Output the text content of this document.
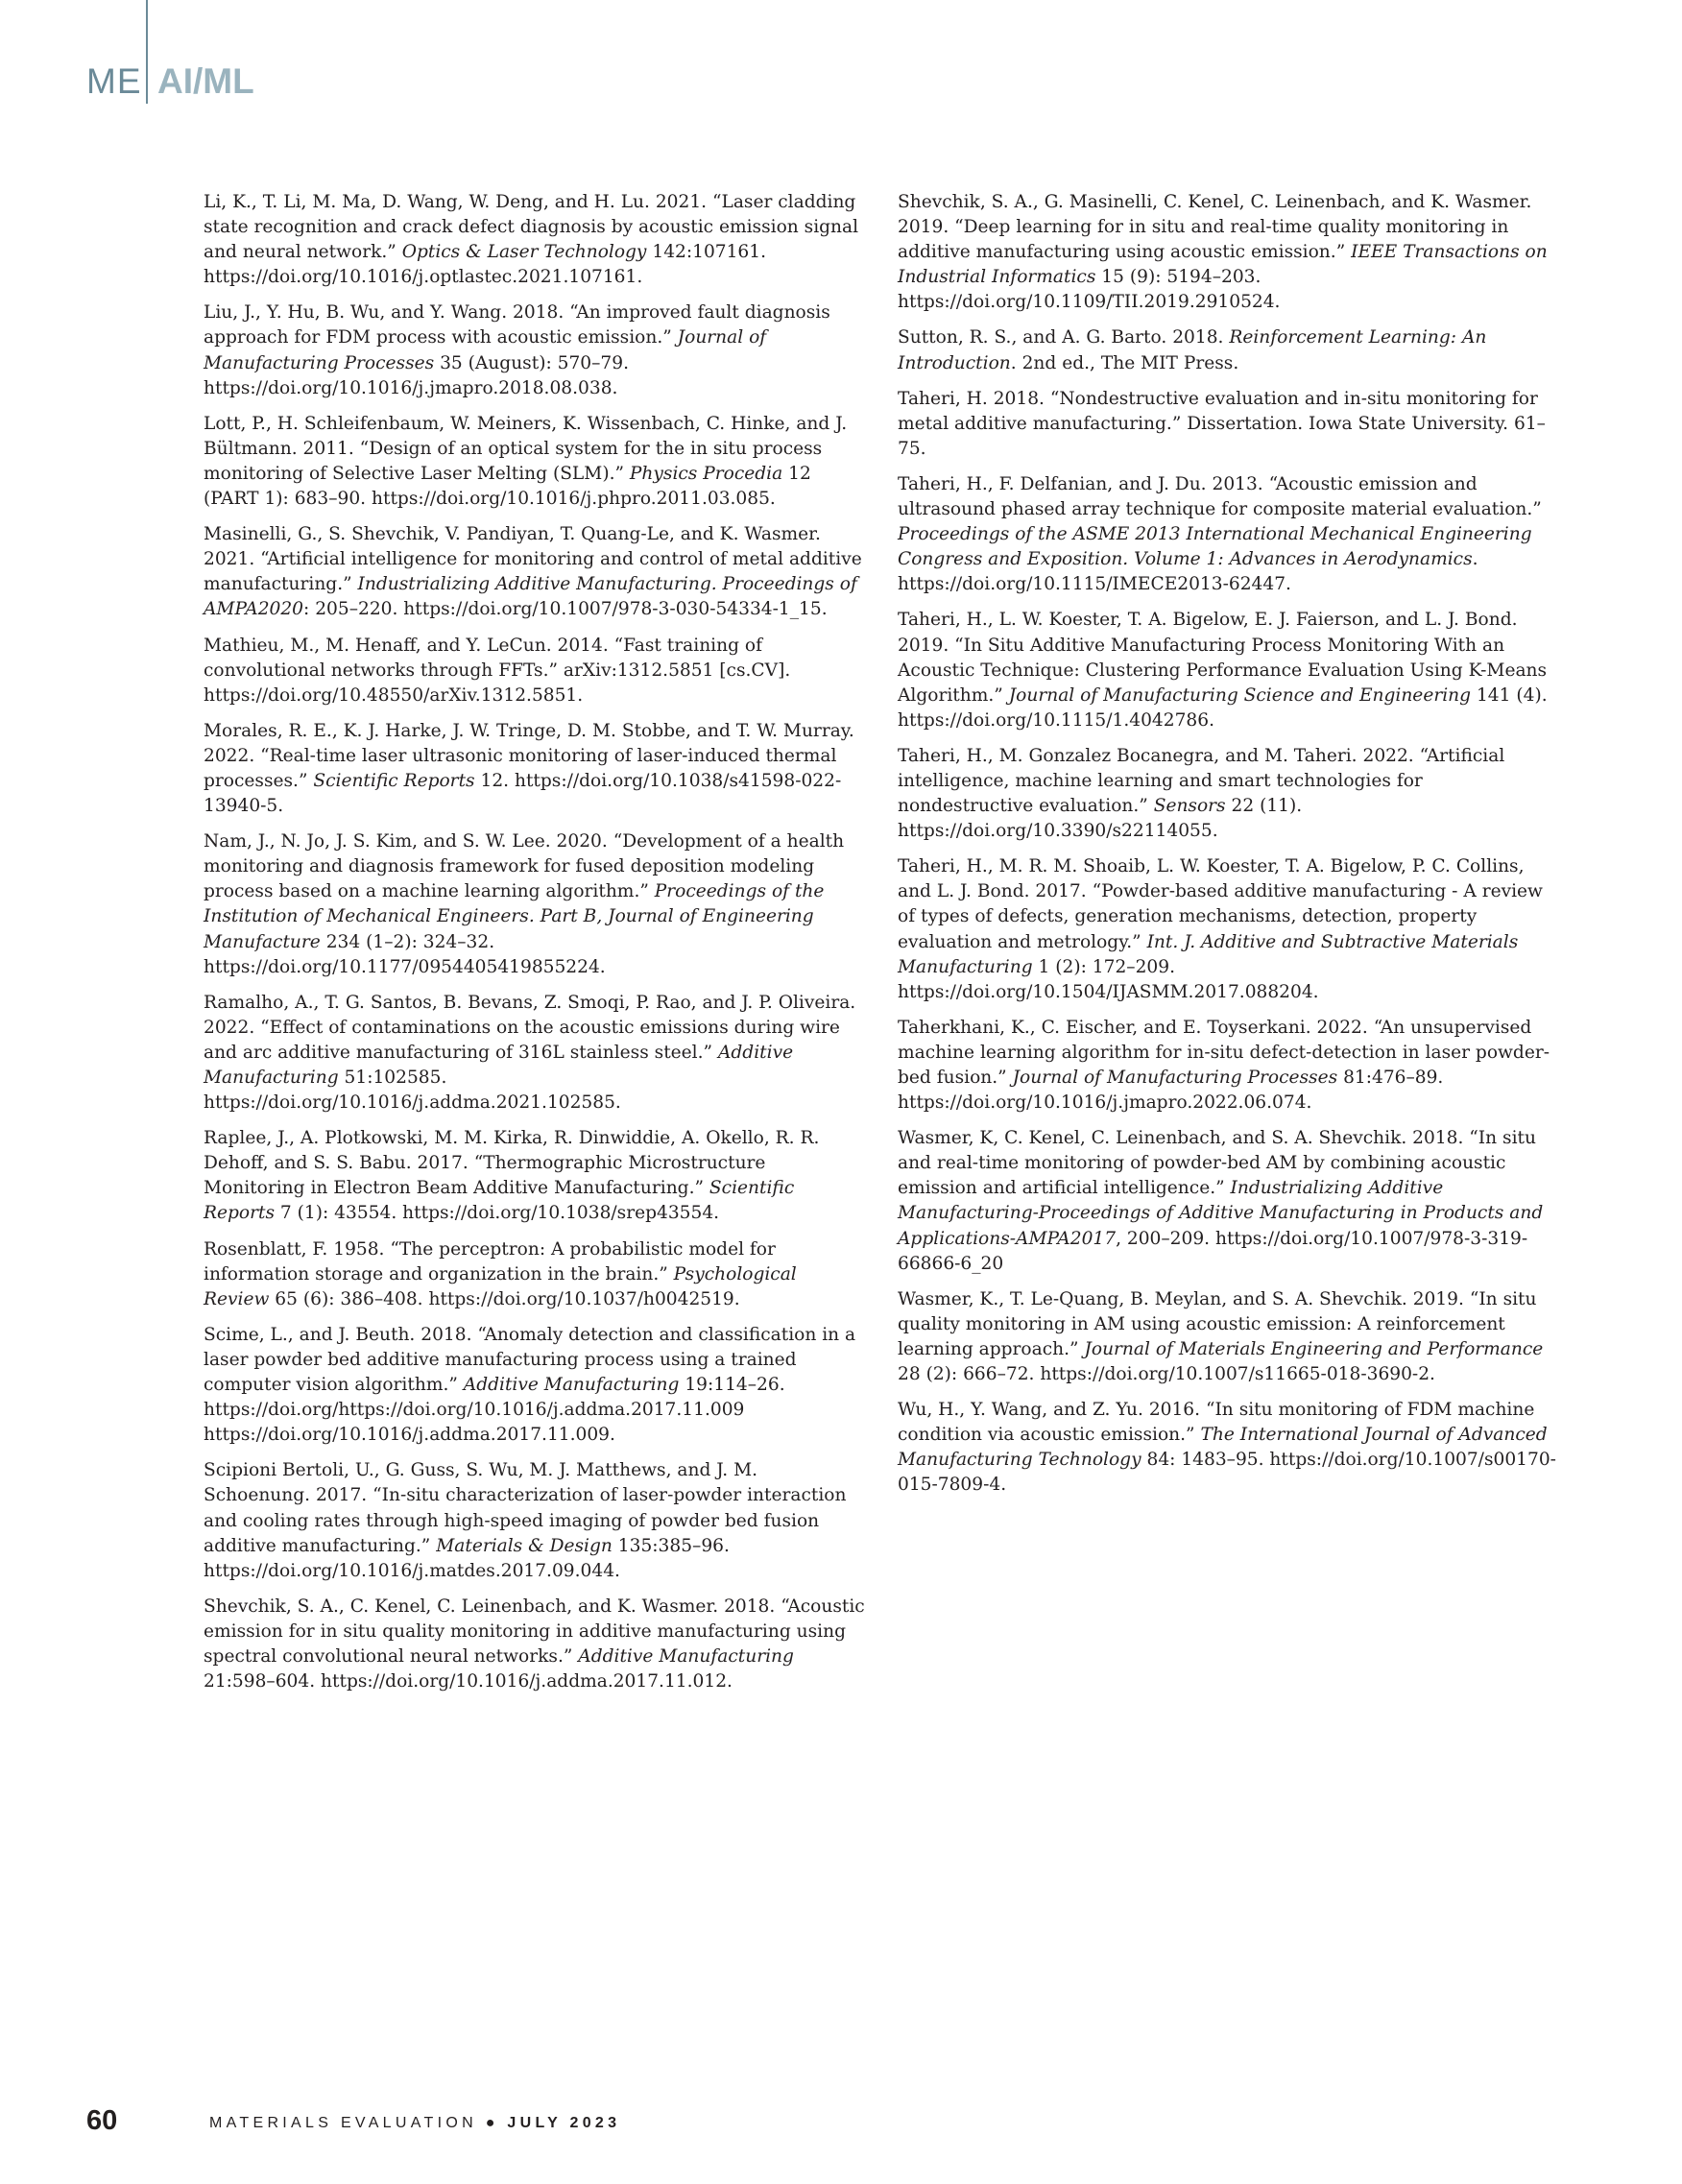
ME AI/ML

Li, K., T. Li, M. Ma, D. Wang, W. Deng, and H. Lu. 2021. “Laser cladding state recognition and crack defect diagnosis by acoustic emission signal and neural network.” Optics & Laser Technology 142:107161. https://doi.org/10.1016/j.optlastec.2021.107161.

Liu, J., Y. Hu, B. Wu, and Y. Wang. 2018. “An improved fault diagnosis approach for FDM process with acoustic emission.” Journal of Manufacturing Processes 35 (August): 570–79. https://doi.org/10.1016/j.jmapro.2018.08.038.

Lott, P., H. Schleifenbaum, W. Meiners, K. Wissenbach, C. Hinke, and J. Bültmann. 2011. “Design of an optical system for the in situ process monitoring of Selective Laser Melting (SLM).” Physics Procedia 12 (PART 1): 683–90. https://doi.org/10.1016/j.phpro.2011.03.085.

Masinelli, G., S. Shevchik, V. Pandiyan, T. Quang-Le, and K. Wasmer. 2021. “Artificial intelligence for monitoring and control of metal additive manufacturing.” Industrializing Additive Manufacturing. Proceedings of AMPA2020: 205–220. https://doi.org/10.1007/978-3-030-54334-1_15.

Mathieu, M., M. Henaff, and Y. LeCun. 2014. “Fast training of convolutional networks through FFTs.” arXiv:1312.5851 [cs.CV]. https://doi.org/10.48550/arXiv.1312.5851.

Morales, R. E., K. J. Harke, J. W. Tringe, D. M. Stobbe, and T. W. Murray. 2022. “Real-time laser ultrasonic monitoring of laser-induced thermal processes.” Scientific Reports 12. https://doi.org/10.1038/s41598-022-13940-5.

Nam, J., N. Jo, J. S. Kim, and S. W. Lee. 2020. “Development of a health monitoring and diagnosis framework for fused deposition modeling process based on a machine learning algorithm.” Proceedings of the Institution of Mechanical Engineers. Part B, Journal of Engineering Manufacture 234 (1–2): 324–32. https://doi.org/10.1177/0954405419855224.

Ramalho, A., T. G. Santos, B. Bevans, Z. Smoqi, P. Rao, and J. P. Oliveira. 2022. “Effect of contaminations on the acoustic emissions during wire and arc additive manufacturing of 316L stainless steel.” Additive Manufacturing 51:102585. https://doi.org/10.1016/j.addma.2021.102585.

Raplee, J., A. Plotkowski, M. M. Kirka, R. Dinwiddie, A. Okello, R. R. Dehoff, and S. S. Babu. 2017. “Thermographic Microstructure Monitoring in Electron Beam Additive Manufacturing.” Scientific Reports 7 (1): 43554. https://doi.org/10.1038/srep43554.

Rosenblatt, F. 1958. “The perceptron: A probabilistic model for information storage and organization in the brain.” Psychological Review 65 (6): 386–408. https://doi.org/10.1037/h0042519.

Scime, L., and J. Beuth. 2018. “Anomaly detection and classification in a laser powder bed additive manufacturing process using a trained computer vision algorithm.” Additive Manufacturing 19:114–26. https://doi.org/https://doi.org/10.1016/j.addma.2017.11.009 https://doi.org/10.1016/j.addma.2017.11.009.

Scipioni Bertoli, U., G. Guss, S. Wu, M. J. Matthews, and J. M. Schoenung. 2017. “In-situ characterization of laser-powder interaction and cooling rates through high-speed imaging of powder bed fusion additive manufacturing.” Materials & Design 135:385–96. https://doi.org/10.1016/j.matdes.2017.09.044.

Shevchik, S. A., C. Kenel, C. Leinenbach, and K. Wasmer. 2018. “Acoustic emission for in situ quality monitoring in additive manufacturing using spectral convolutional neural networks.” Additive Manufacturing 21:598–604. https://doi.org/10.1016/j.addma.2017.11.012.

Shevchik, S. A., G. Masinelli, C. Kenel, C. Leinenbach, and K. Wasmer. 2019. “Deep learning for in situ and real-time quality monitoring in additive manufacturing using acoustic emission.” IEEE Transactions on Industrial Informatics 15 (9): 5194–203. https://doi.org/10.1109/TII.2019.2910524.

Sutton, R. S., and A. G. Barto. 2018. Reinforcement Learning: An Introduction. 2nd ed., The MIT Press.

Taheri, H. 2018. “Nondestructive evaluation and in-situ monitoring for metal additive manufacturing.” Dissertation. Iowa State University. 61–75.

Taheri, H., F. Delfanian, and J. Du. 2013. “Acoustic emission and ultrasound phased array technique for composite material evaluation.” Proceedings of the ASME 2013 International Mechanical Engineering Congress and Exposition. Volume 1: Advances in Aerodynamics. https://doi.org/10.1115/IMECE2013-62447.

Taheri, H., L. W. Koester, T. A. Bigelow, E. J. Faierson, and L. J. Bond. 2019. “In Situ Additive Manufacturing Process Monitoring With an Acoustic Technique: Clustering Performance Evaluation Using K-Means Algorithm.” Journal of Manufacturing Science and Engineering 141 (4). https://doi.org/10.1115/1.4042786.

Taheri, H., M. Gonzalez Bocanegra, and M. Taheri. 2022. “Artificial intelligence, machine learning and smart technologies for nondestructive evaluation.” Sensors 22 (11). https://doi.org/10.3390/s22114055.

Taheri, H., M. R. M. Shoaib, L. W. Koester, T. A. Bigelow, P. C. Collins, and L. J. Bond. 2017. “Powder-based additive manufacturing - A review of types of defects, generation mechanisms, detection, property evaluation and metrology.” Int. J. Additive and Subtractive Materials Manufacturing 1 (2): 172–209. https://doi.org/10.1504/IJASMM.2017.088204.

Taherkhani, K., C. Eischer, and E. Toyserkani. 2022. “An unsupervised machine learning algorithm for in-situ defect-detection in laser powder-bed fusion.” Journal of Manufacturing Processes 81:476–89. https://doi.org/10.1016/j.jmapro.2022.06.074.

Wasmer, K, C. Kenel, C. Leinenbach, and S. A. Shevchik. 2018. “In situ and real-time monitoring of powder-bed AM by combining acoustic emission and artificial intelligence.” Industrializing Additive Manufacturing-Proceedings of Additive Manufacturing in Products and Applications-AMPA2017, 200–209. https://doi.org/10.1007/978-3-319-66866-6_20

Wasmer, K., T. Le-Quang, B. Meylan, and S. A. Shevchik. 2019. “In situ quality monitoring in AM using acoustic emission: A reinforcement learning approach.” Journal of Materials Engineering and Performance 28 (2): 666–72. https://doi.org/10.1007/s11665-018-3690-2.

Wu, H., Y. Wang, and Z. Yu. 2016. “In situ monitoring of FDM machine condition via acoustic emission.” The International Journal of Advanced Manufacturing Technology 84: 1483–95. https://doi.org/10.1007/s00170-015-7809-4.

60	MATERIALS EVALUATION ● JULY 2023
